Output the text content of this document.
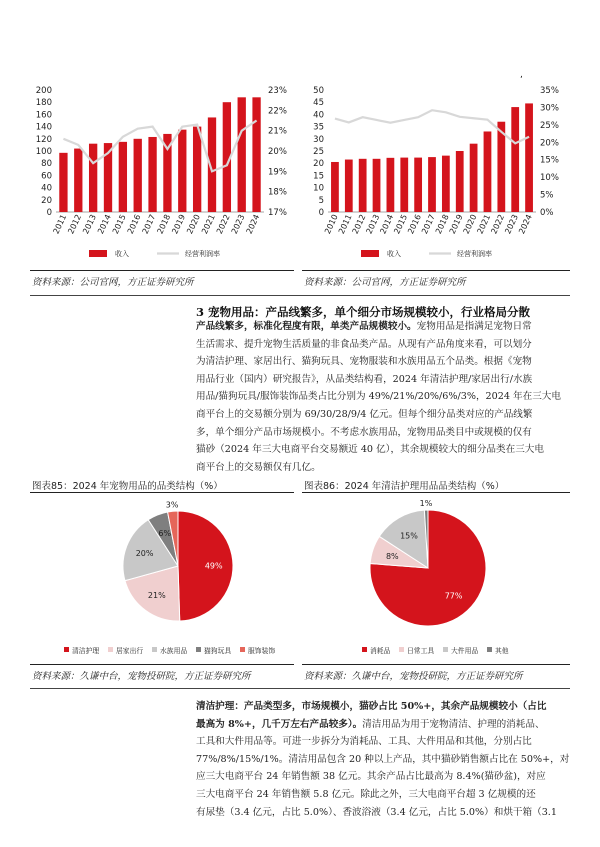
,
0
20
40
60
80
100
120
140
160
180
200
17%
18%
19%
20%
21%
22%
23%
2011
2012
2013
2014
2015
2016
2017
2018
2019
2020
2021
2022
2023
2024
收入	经营利润率
0
5
10
15
20
25
30
35
40
45
50
0%
5%
10%
15%
20%
25%
30%
35%
2010
2011
2012
2013
2014
2015
2016
2017
2018
2019
2020
2021
2022
2023
2024
收入	经营利润率
资料来源：公司官网，方正证券研究所	资料来源：公司官网，方正证券研究所
3 宠物用品：产品线繁多，单个细分市场规模较小，行业格局分散
产品线繁多，标准化程度有限，单类产品规模较小。宠物用品是指满足宠物日常
生活需求、提升宠物生活质量的非食品类产品。从现有产品角度来看，可以划分
为清洁护理、家居出行、猫狗玩具、宠物服装和水族用品五个品类。根据《宠物
用品行业（国内）研究报告》，从品类结构看，2024 年清洁护理/家居出行/水族
用品/猫狗玩具/服饰装饰品类占比分别为 49%/21%/20%/6%/3%，2024 年在三大电
商平台上的交易额分别为 69/30/28/9/4 亿元。但每个细分品类对应的产品线繁
多，单个细分产品市场规模小。不考虑水族用品，宠物用品类目中或规模的仅有
猫砂（2024 年三大电商平台交易额近 40 亿），其余规模较大的细分品类在三大电
商平台上的交易额仅有几亿。
图表85：2024 年宠物用品的品类结构（%）	图表86：2024 年清洁护理用品品类结构（%）
49%
21%
20%
6%
3%
清洁护理 居家出行 水族用品 猫狗玩具 服饰装饰
77%
8%
15%
1%
消耗品 日常工具 大件用品 其他
资料来源：久谦中台，宠物投研院，方正证券研究所	资料来源：久谦中台，宠物投研院，方正证券研究所
清洁护理：产品类型多，市场规模小，猫砂占比 50%+，其余产品规模较小（占比
最高为 8%+，几千万左右产品较多）。清洁用品为用于宠物清洁、护理的消耗品、
工具和大件用品等。可进一步拆分为消耗品、工具、大件用品和其他，分别占比
77%/8%/15%/1%。清洁用品包含 20 种以上产品，其中猫砂销售额占比在 50%+，对
应三大电商平台 24 年销售额 38 亿元。其余产品占比最高为 8.4%(猫砂盆)，对应
三大电商平台 24 年销售额 5.8 亿元。除此之外，三大电商平台超 3 亿规模的还
有尿垫（3.4 亿元，占比 5.0%）、香波浴液（3.4 亿元，占比 5.0%）和烘干箱（3.1
